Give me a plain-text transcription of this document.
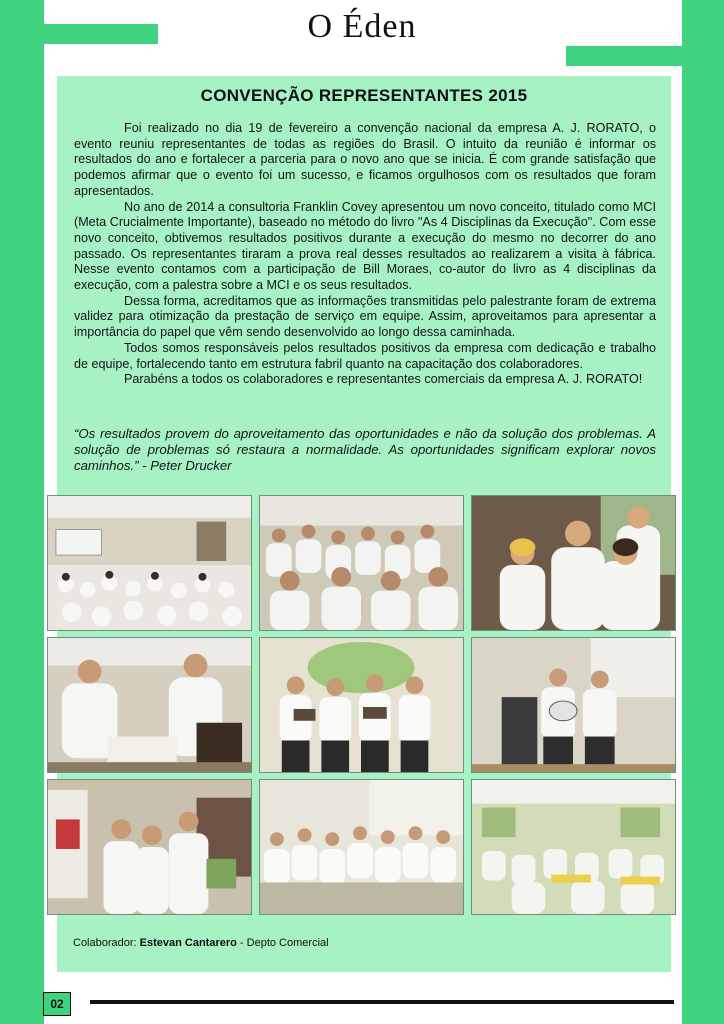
O Éden
CONVENÇÃO REPRESENTANTES 2015

Foi realizado no dia 19 de fevereiro a convenção nacional da empresa A. J. RORATO, o evento reuniu representantes de todas as regiões do Brasil. O intuito da reunião é informar os resultados do ano e fortalecer a parceria para o novo ano que se inicia. É com grande satisfação que podemos afirmar que o evento foi um sucesso, e ficamos orgulhosos com os resultados que foram apresentados.

No ano de 2014 a consultoria Franklin Covey apresentou um novo conceito, titulado como MCI (Meta Crucialmente Importante), baseado no método do livro "As 4 Disciplinas da Execução". Com esse novo conceito, obtivemos resultados positivos durante a execução do mesmo no decorrer do ano passado. Os representantes tiraram a prova real desses resultados ao realizarem a visita à fábrica. Nesse evento contamos com a participação de Bill Moraes, co-autor do livro as 4 disciplinas da execução, com a palestra sobre a MCI e os seus resultados.

Dessa forma, acreditamos que as informações transmitidas pelo palestrante foram de extrema validez para otimização da prestação de serviço em equipe. Assim, aproveitamos para apresentar a importância do papel que vêm sendo desenvolvido ao longo dessa caminhada.

Todos somos responsáveis pelos resultados positivos da empresa com dedicação e trabalho de equipe, fortalecendo tanto em estrutura fabril quanto na capacitação dos colaboradores.

Parabéns a todos os colaboradores e representantes comerciais da empresa A. J. RORATO!

“Os resultados provem do aproveitamento das oportunidades e não da solução dos problemas. A solução de problemas só restaura a normalidade. As oportunidades significam explorar novos caminhos.” - Peter Drucker
Colaborador: Estevan Cantarero - Depto Comercial
02
